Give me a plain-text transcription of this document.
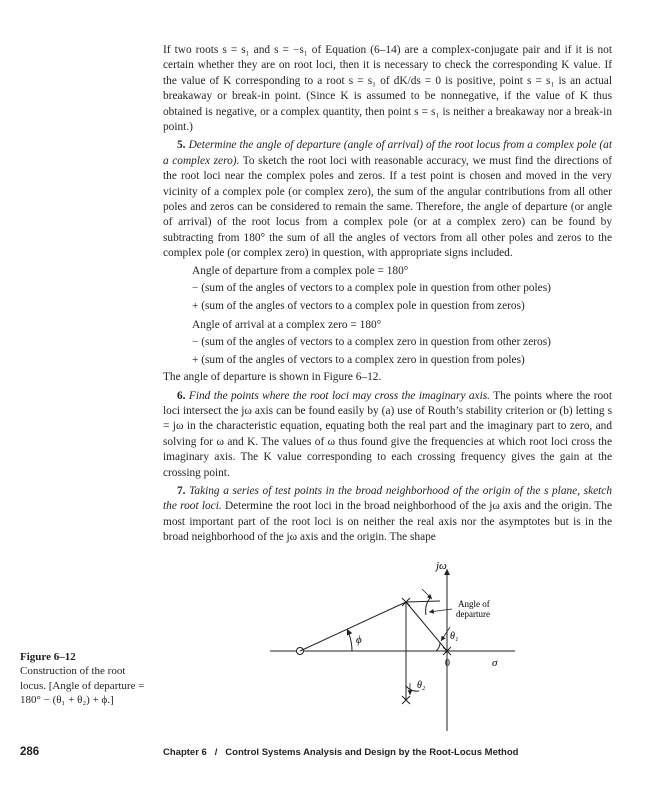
If two roots s = s₁ and s = −s₁ of Equation (6–14) are a complex-conjugate pair and if it is not certain whether they are on root loci, then it is necessary to check the corresponding K value. If the value of K corresponding to a root s = s₁ of dK/ds = 0 is positive, point s = s₁ is an actual breakaway or break-in point. (Since K is assumed to be nonnegative, if the value of K thus obtained is negative, or a complex quantity, then point s = s₁ is neither a breakaway nor a break-in point.)

5. Determine the angle of departure (angle of arrival) of the root locus from a complex pole (at a complex zero). To sketch the root loci with reasonable accuracy, we must find the directions of the root loci near the complex poles and zeros. If a test point is chosen and moved in the very vicinity of a complex pole (or complex zero), the sum of the angular contributions from all other poles and zeros can be considered to remain the same. Therefore, the angle of departure (or angle of arrival) of the root locus from a complex pole (or at a complex zero) can be found by subtracting from 180° the sum of all the angles of vectors from all other poles and zeros to the complex pole (or complex zero) in question, with appropriate signs included.

Angle of departure from a complex pole = 180°

− (sum of the angles of vectors to a complex pole in question from other poles)

+ (sum of the angles of vectors to a complex pole in question from zeros)

Angle of arrival at a complex zero = 180°

− (sum of the angles of vectors to a complex zero in question from other zeros)

+ (sum of the angles of vectors to a complex zero in question from poles)

The angle of departure is shown in Figure 6–12.

6. Find the points where the root loci may cross the imaginary axis. The points where the root loci intersect the jω axis can be found easily by (a) use of Routh’s stability criterion or (b) letting s = jω in the characteristic equation, equating both the real part and the imaginary part to zero, and solving for ω and K. The values of ω thus found give the frequencies at which root loci cross the imaginary axis. The K value corresponding to each crossing frequency gives the gain at the crossing point.

7. Taking a series of test points in the broad neighborhood of the origin of the s plane, sketch the root loci. Determine the root loci in the broad neighborhood of the jω axis and the origin. The most important part of the root loci is on neither the real axis nor the asymptotes but is in the broad neighborhood of the jω axis and the origin. The shape

jω
σ
0
ϕ	θ₁
θ₂
Angle of
departure
Figure 6–12
Construction of the root locus. [Angle of departure = 180° − (θ₁ + θ₂) + ϕ.]
286	Chapter 6   /   Control Systems Analysis and Design by the Root-Locus Method
